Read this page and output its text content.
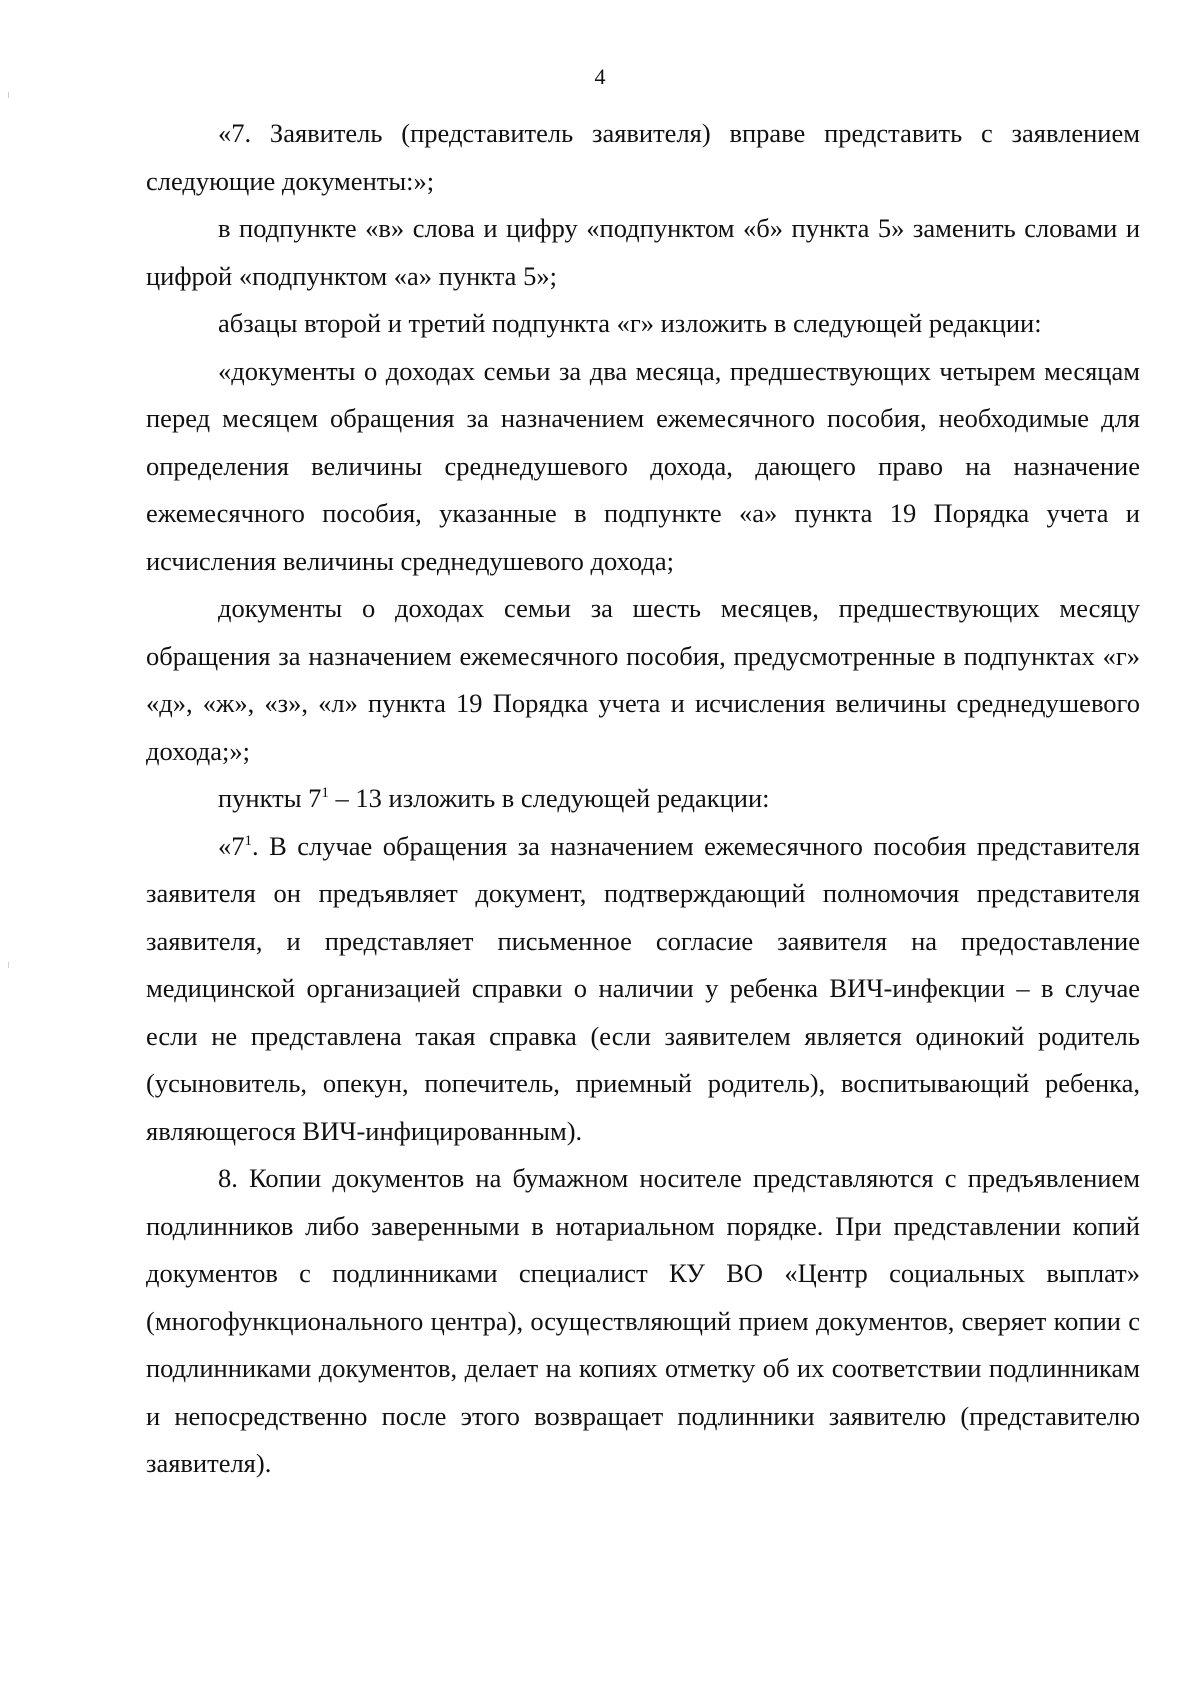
4

«7. Заявитель (представитель заявителя) вправе представить с заявлением следующие документы:»;

в подпункте «в» слова и цифру «подпунктом «б» пункта 5» заменить словами и цифрой «подпунктом «а» пункта 5»;

абзацы второй и третий подпункта «г» изложить в следующей редакции:

«документы о доходах семьи за два месяца, предшествующих четырем месяцам перед месяцем обращения за назначением ежемесячного пособия, необходимые для определения величины среднедушевого дохода, дающего право на назначение ежемесячного пособия, указанные в подпункте «а» пункта 19 Порядка учета и исчисления величины среднедушевого дохода;

документы о доходах семьи за шесть месяцев, предшествующих месяцу обращения за назначением ежемесячного пособия, предусмотренные в подпунктах «г» «д», «ж», «з», «л» пункта 19 Порядка учета и исчисления величины среднедушевого дохода;»;

пункты $7^1 - 13$ изложить в следующей редакции:

«$7^1$. В случае обращения за назначением ежемесячного пособия представителя заявителя он предъявляет документ, подтверждающий полномочия представителя заявителя, и представляет письменное согласие заявителя на предоставление медицинской организацией справки о наличии у ребенка ВИЧ-инфекции – в случае если не представлена такая справка (если заявителем является одинокий родитель (усыновитель, опекун, попечитель, приемный родитель), воспитывающий ребенка, являющегося ВИЧ-инфицированным).

8. Копии документов на бумажном носителе представляются с предъявлением подлинников либо заверенными в нотариальном порядке. При представлении копий документов с подлинниками специалист КУ ВО «Центр социальных выплат» (многофункционального центра), осуществляющий прием документов, сверяет копии с подлинниками документов, делает на копиях отметку об их соответствии подлинникам и непосредственно после этого возвращает подлинники заявителю (представителю заявителя).
